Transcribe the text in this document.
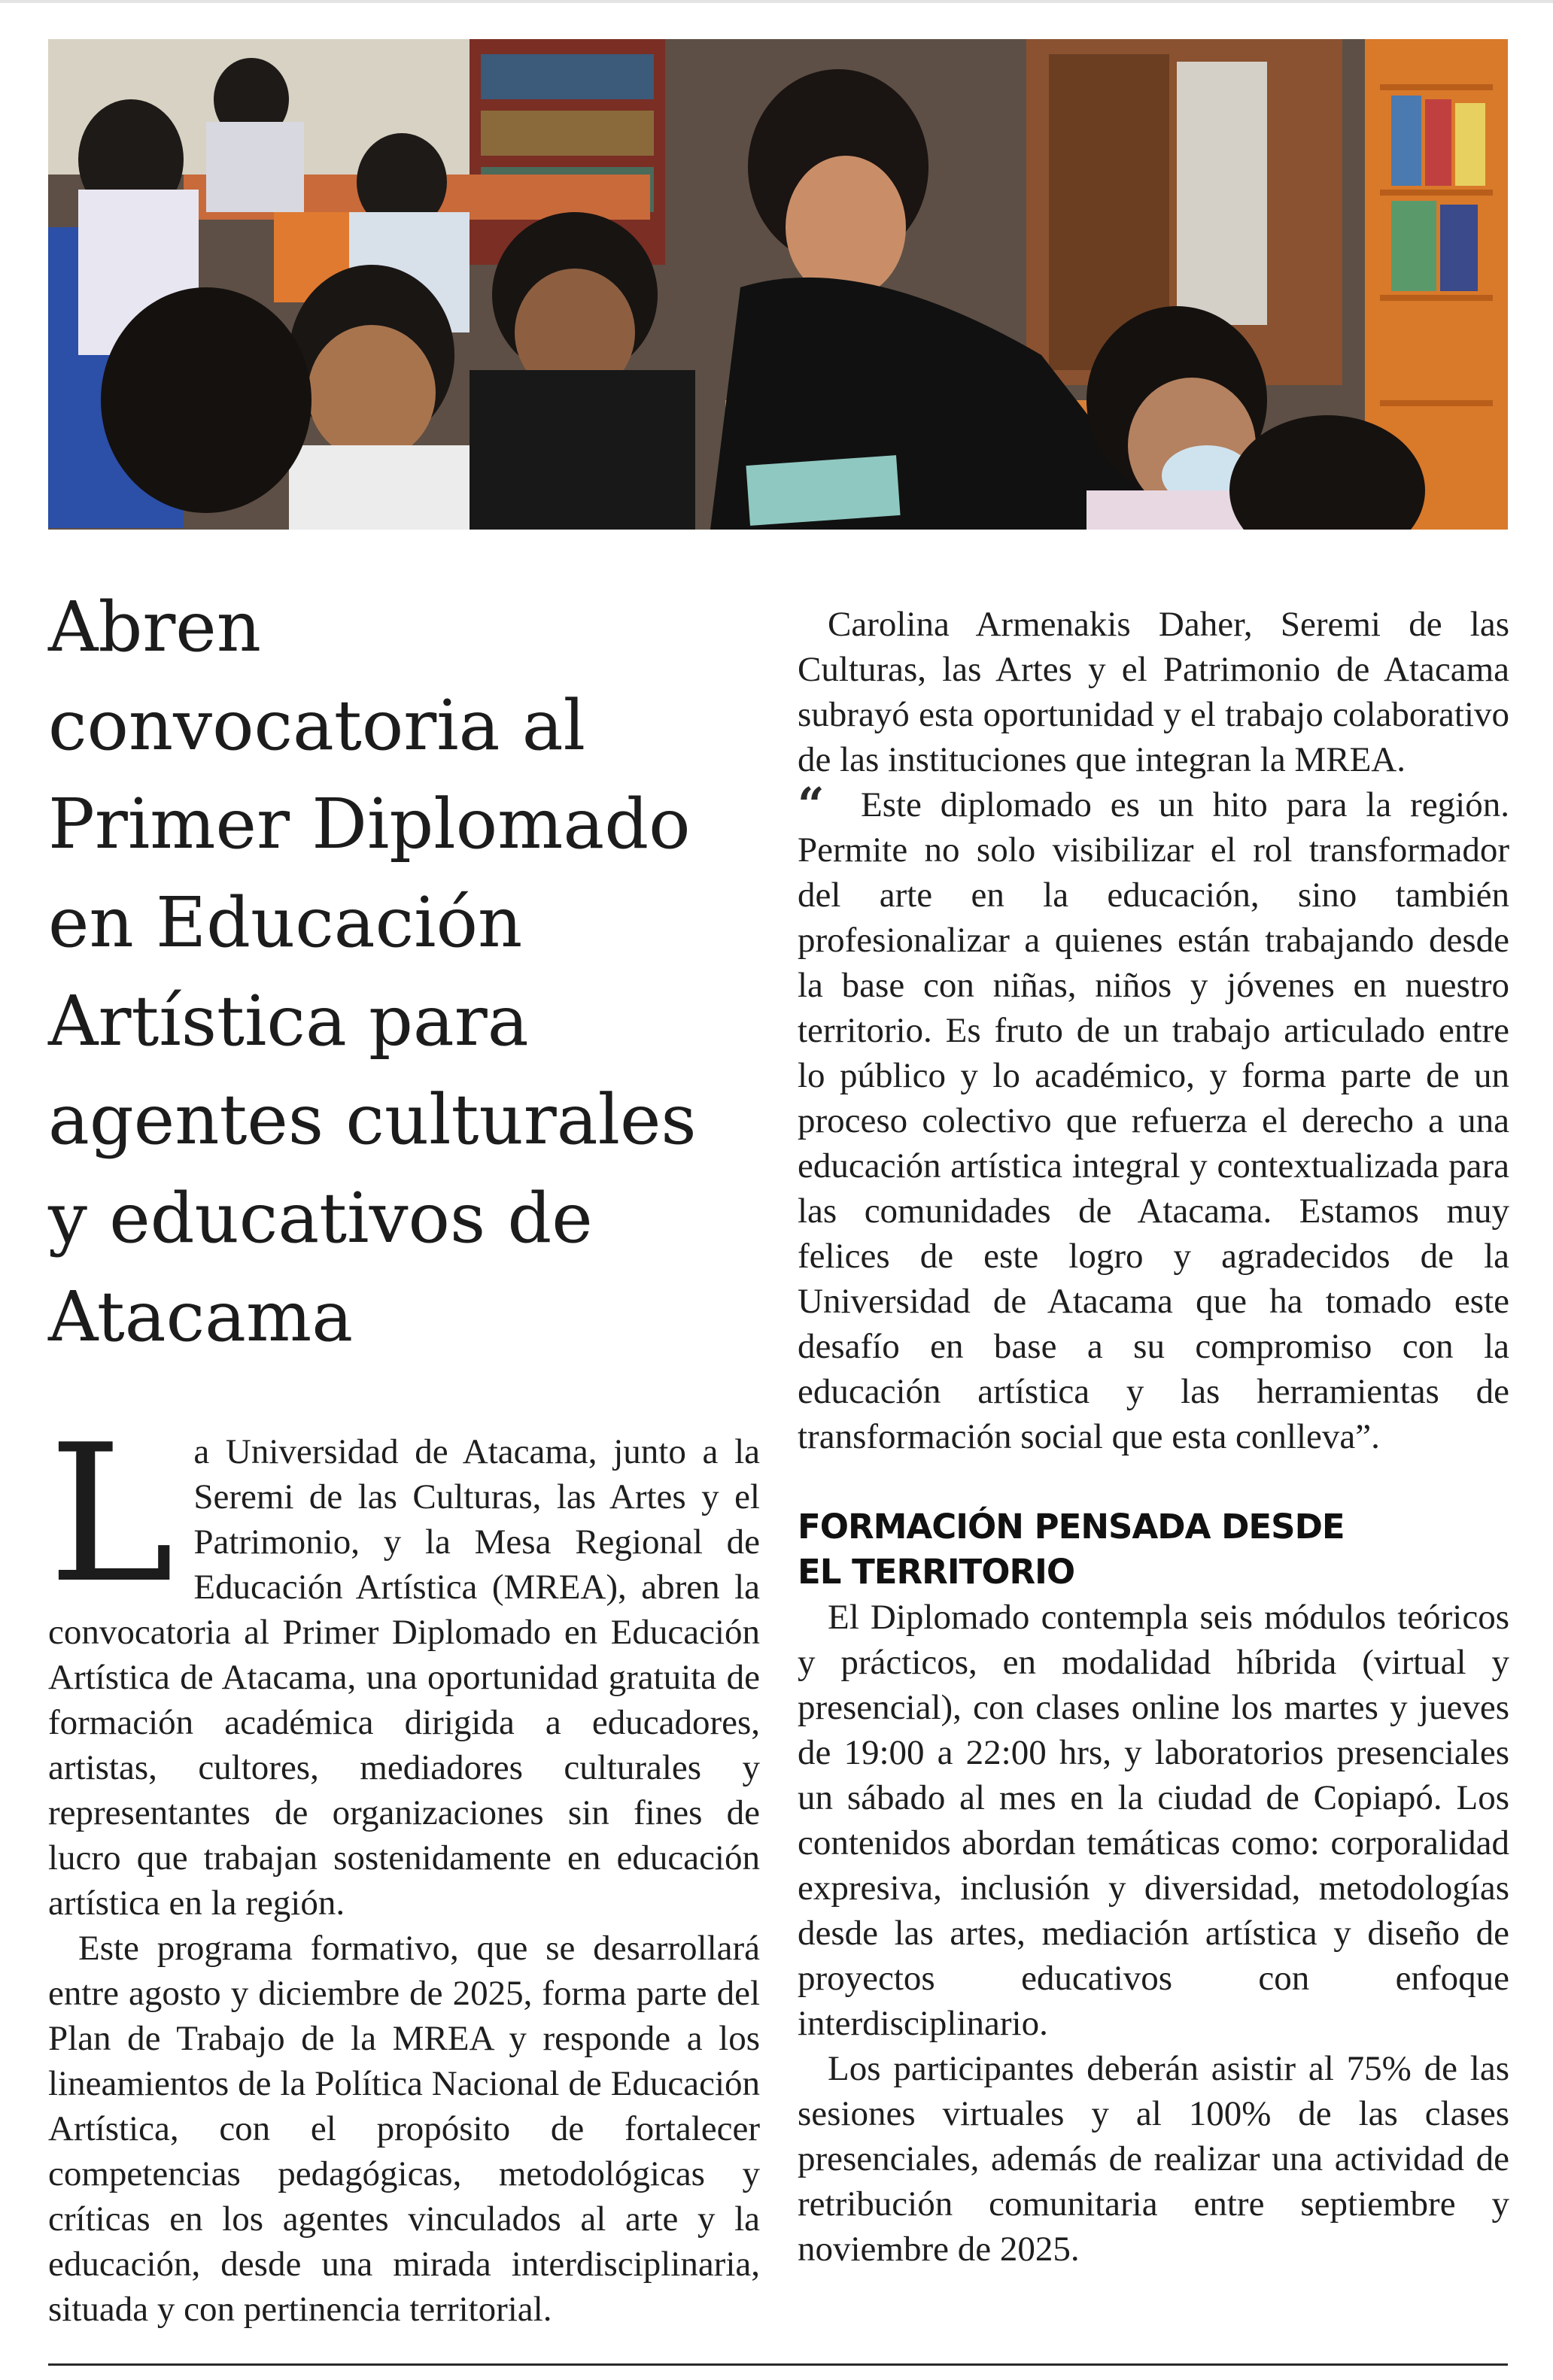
Abren
convocatoria al
Primer Diplomado
en Educación
Artística para
agentes culturales
y educativos de
Atacama

La Universidad de Atacama, junto a la Seremi de las Culturas, las Artes y el Patrimonio, y la Mesa Regional de Educación Artística (MREA), abren la convocatoria al Primer Diplomado en Educación Artística de Atacama, una oportunidad gratuita de formación académica dirigida a educadores, artistas, cultores, mediadores culturales y representantes de organizaciones sin fines de lucro que trabajan sostenidamente en educación artística en la región.

Este programa formativo, que se desarrollará entre agosto y diciembre de 2025, forma parte del Plan de Trabajo de la MREA y responde a los lineamientos de la Política Nacional de Educación Artística, con el propósito de fortalecer competencias pedagógicas, metodológicas y críticas en los agentes vinculados al arte y la educación, desde una mirada interdisciplinaria, situada y con pertinencia territorial.

Carolina Armenakis Daher, Seremi de las Culturas, las Artes y el Patrimonio de Atacama subrayó esta oportunidad y el trabajo colaborativo de las instituciones que integran la MREA.

“ Este diplomado es un hito para la región. Permite no solo visibilizar el rol transformador del arte en la educación, sino también profesionalizar a quienes están trabajando desde la base con niñas, niños y jóvenes en nuestro territorio. Es fruto de un trabajo articulado entre lo público y lo académico, y forma parte de un proceso colectivo que refuerza el derecho a una educación artística integral y contextualizada para las comunidades de Atacama. Estamos muy felices de este logro y agradecidos de la Universidad de Atacama que ha tomado este desafío en base a su compromiso con la educación artística y las herramientas de transformación social que esta conlleva”.

FORMACIÓN PENSADA DESDE
EL TERRITORIO

El Diplomado contempla seis módulos teóricos y prácticos, en modalidad híbrida (virtual y presencial), con clases online los martes y jueves de 19:00 a 22:00 hrs, y laboratorios presenciales un sábado al mes en la ciudad de Copiapó. Los contenidos abordan temáticas como: corporalidad expresiva, inclusión y diversidad, metodologías desde las artes, mediación artística y diseño de proyectos educativos con enfoque interdisciplinario.

Los participantes deberán asistir al 75% de las sesiones virtuales y al 100% de las clases presenciales, además de realizar una actividad de retribución comunitaria entre septiembre y noviembre de 2025.
